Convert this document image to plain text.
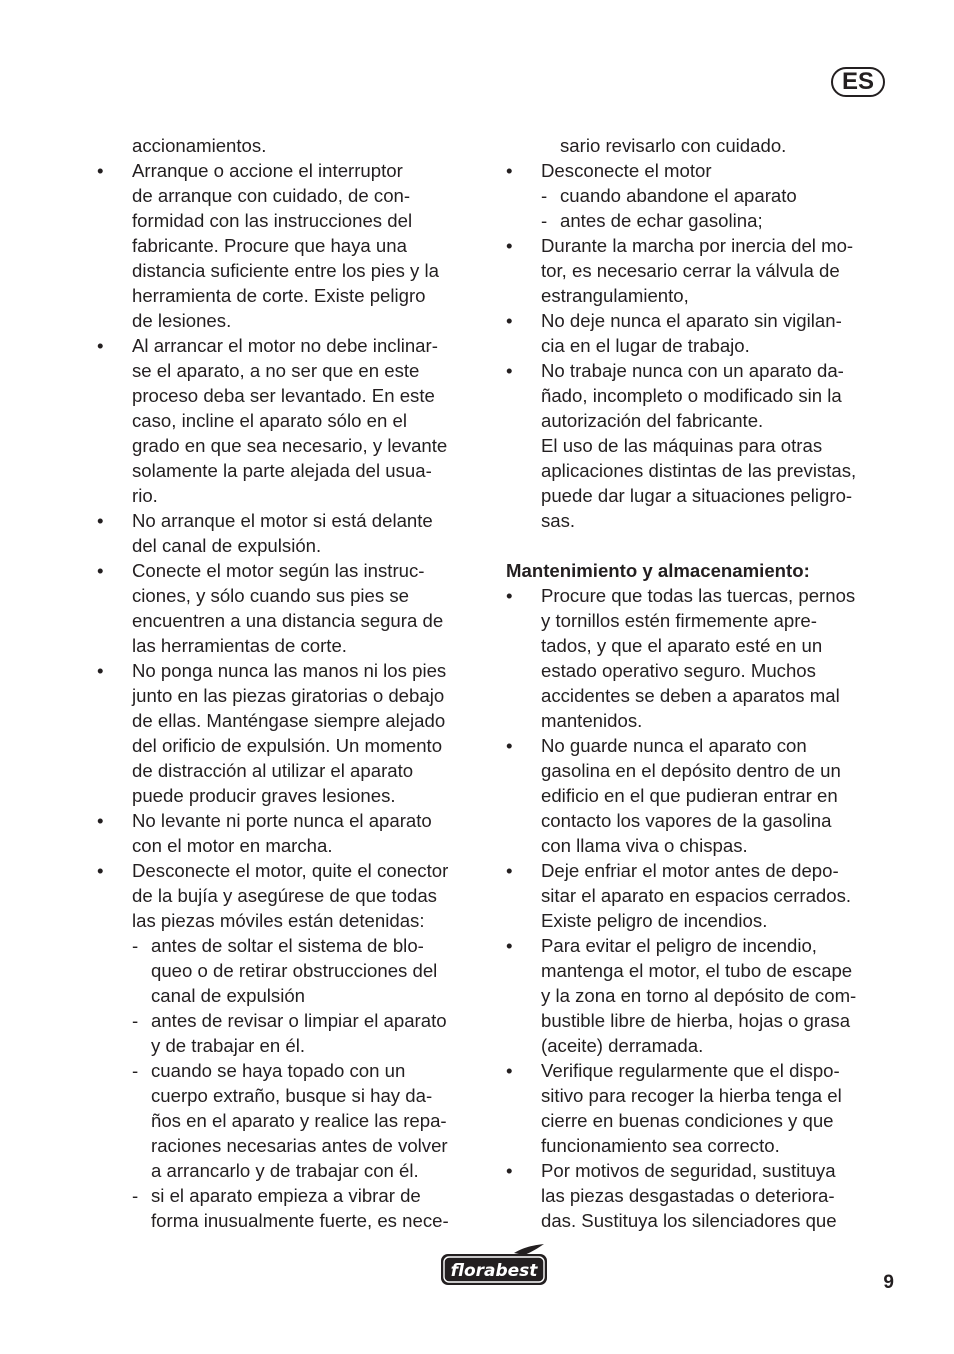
ES
accionamientos.
• Arranque o accione el interruptor
de arranque con cuidado, de con-
formidad con las instrucciones del
fabricante. Procure que haya una
distancia suficiente entre los pies y la
herramienta de corte. Existe peligro
de lesiones.
• Al arrancar el motor no debe inclinar-
se el aparato, a no ser que en este
proceso deba ser levantado. En este
caso, incline el aparato sólo en el
grado en que sea necesario, y levante
solamente la parte alejada del usua-
rio.
• No arranque el motor si está delante
del canal de expulsión.
• Conecte el motor según las instruc-
ciones, y sólo cuando sus pies se
encuentren a una distancia segura de
las herramientas de corte.
• No ponga nunca las manos ni los pies
junto en las piezas giratorias o debajo
de ellas. Manténgase siempre alejado
del orificio de expulsión. Un momento
de distracción al utilizar el aparato
puede producir graves lesiones.
• No levante ni porte nunca el aparato
con el motor en marcha.
• Desconecte el motor, quite el conector
de la bujía y asegúrese de que todas
las piezas móviles están detenidas:
- antes de soltar el sistema de blo-
queo o de retirar obstrucciones del
canal de expulsión
- antes de revisar o limpiar el aparato
y de trabajar en él.
- cuando se haya topado con un
cuerpo extraño, busque si hay da-
ños en el aparato y realice las repa-
raciones necesarias antes de volver
a arrancarlo y de trabajar con él.
- si el aparato empieza a vibrar de
forma inusualmente fuerte, es nece-
sario revisarlo con cuidado.
• Desconecte el motor
- cuando abandone el aparato
- antes de echar gasolina;
• Durante la marcha por inercia del mo-
tor, es necesario cerrar la válvula de
estrangulamiento,
• No deje nunca el aparato sin vigilan-
cia en el lugar de trabajo.
• No trabaje nunca con un aparato da-
ñado, incompleto o modificado sin la
autorización del fabricante.
El uso de las máquinas para otras
aplicaciones distintas de las previstas,
puede dar lugar a situaciones peligro-
sas.
Mantenimiento y almacenamiento:
• Procure que todas las tuercas, pernos
y tornillos estén firmemente apre-
tados, y que el aparato esté en un
estado operativo seguro. Muchos
accidentes se deben a aparatos mal
mantenidos.
• No guarde nunca el aparato con
gasolina en el depósito dentro de un
edificio en el que pudieran entrar en
contacto los vapores de la gasolina
con llama viva o chispas.
• Deje enfriar el motor antes de depo-
sitar el aparato en espacios cerrados.
Existe peligro de incendios.
• Para evitar el peligro de incendio,
mantenga el motor, el tubo de escape
y la zona en torno al depósito de com-
bustible libre de hierba, hojas o grasa
(aceite) derramada.
• Verifique regularmente que el dispo-
sitivo para recoger la hierba tenga el
cierre en buenas condiciones y que
funcionamiento sea correcto.
• Por motivos de seguridad, sustituya
las piezas desgastadas o deteriora-
das. Sustituya los silenciadores que
florabest
9
